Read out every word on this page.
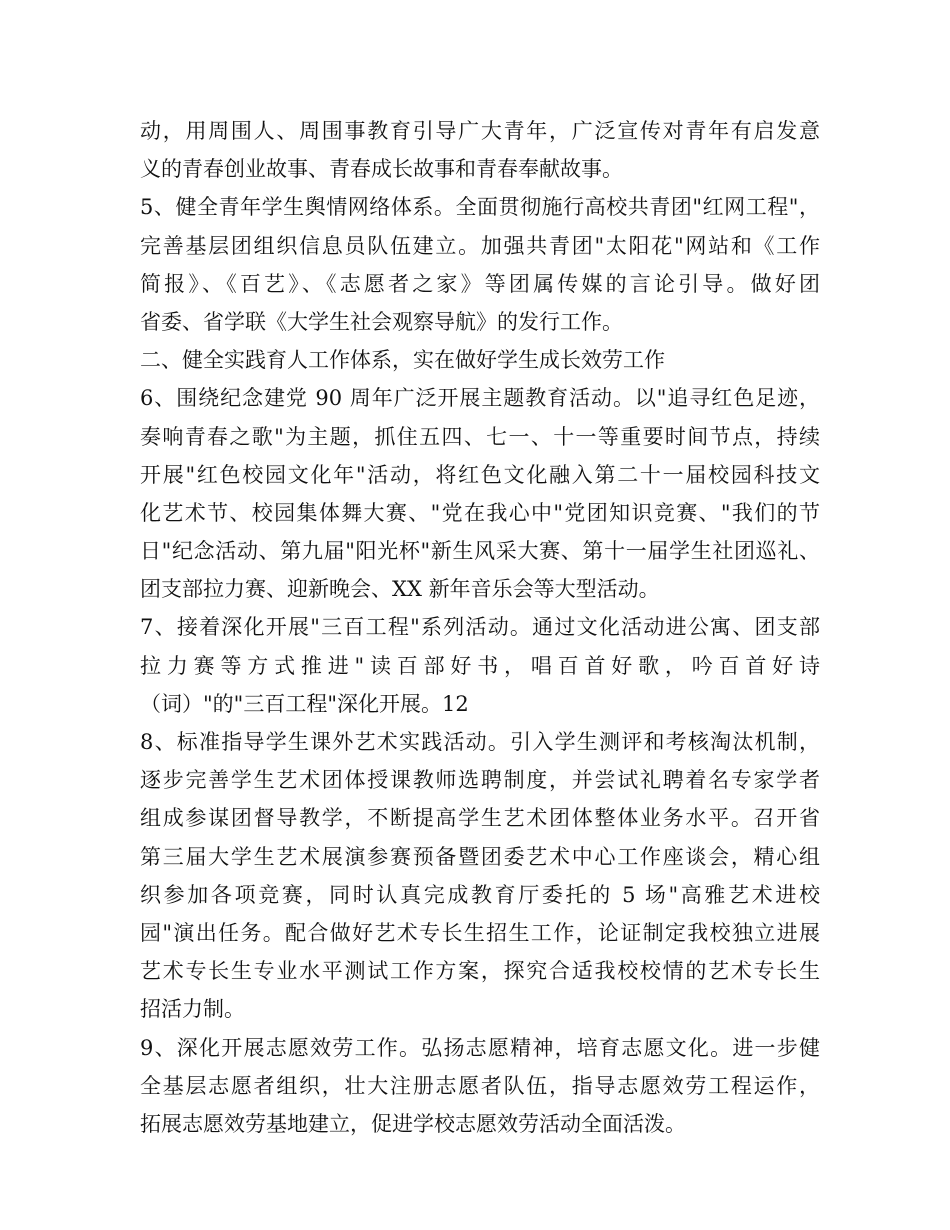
动，用周围人、周围事教育引导广大青年，广泛宣传对青年有启发意
义的青春创业故事、青春成长故事和青春奉献故事。
5、健全青年学生舆情网络体系。全面贯彻施行高校共青团"红网工程"，
完善基层团组织信息员队伍建立。加强共青团"太阳花"网站和《工作
简报》、《百艺》、《志愿者之家》等团属传媒的言论引导。做好团
省委、省学联《大学生社会观察导航》的发行工作。
二、健全实践育人工作体系，实在做好学生成长效劳工作
6、围绕纪念建党 90 周年广泛开展主题教育活动。以"追寻红色足迹，
奏响青春之歌"为主题，抓住五四、七一、十一等重要时间节点，持续
开展"红色校园文化年"活动，将红色文化融入第二十一届校园科技文
化艺术节、校园集体舞大赛、"党在我心中"党团知识竞赛、"我们的节
日"纪念活动、第九届"阳光杯"新生风采大赛、第十一届学生社团巡礼、
团支部拉力赛、迎新晚会、XX 新年音乐会等大型活动。
7、接着深化开展"三百工程"系列活动。通过文化活动进公寓、团支部
拉力赛等方式推进"读百部好书，唱百首好歌，吟百首好诗
（词）"的"三百工程"深化开展。12
8、标准指导学生课外艺术实践活动。引入学生测评和考核淘汰机制，
逐步完善学生艺术团体授课教师选聘制度，并尝试礼聘着名专家学者
组成参谋团督导教学，不断提高学生艺术团体整体业务水平。召开省
第三届大学生艺术展演参赛预备暨团委艺术中心工作座谈会，精心组
织参加各项竞赛，同时认真完成教育厅委托的 5 场"高雅艺术进校
园"演出任务。配合做好艺术专长生招生工作，论证制定我校独立进展
艺术专长生专业水平测试工作方案，探究合适我校校情的艺术专长生
招活力制。
9、深化开展志愿效劳工作。弘扬志愿精神，培育志愿文化。进一步健
全基层志愿者组织，壮大注册志愿者队伍，指导志愿效劳工程运作，
拓展志愿效劳基地建立，促进学校志愿效劳活动全面活泼。
